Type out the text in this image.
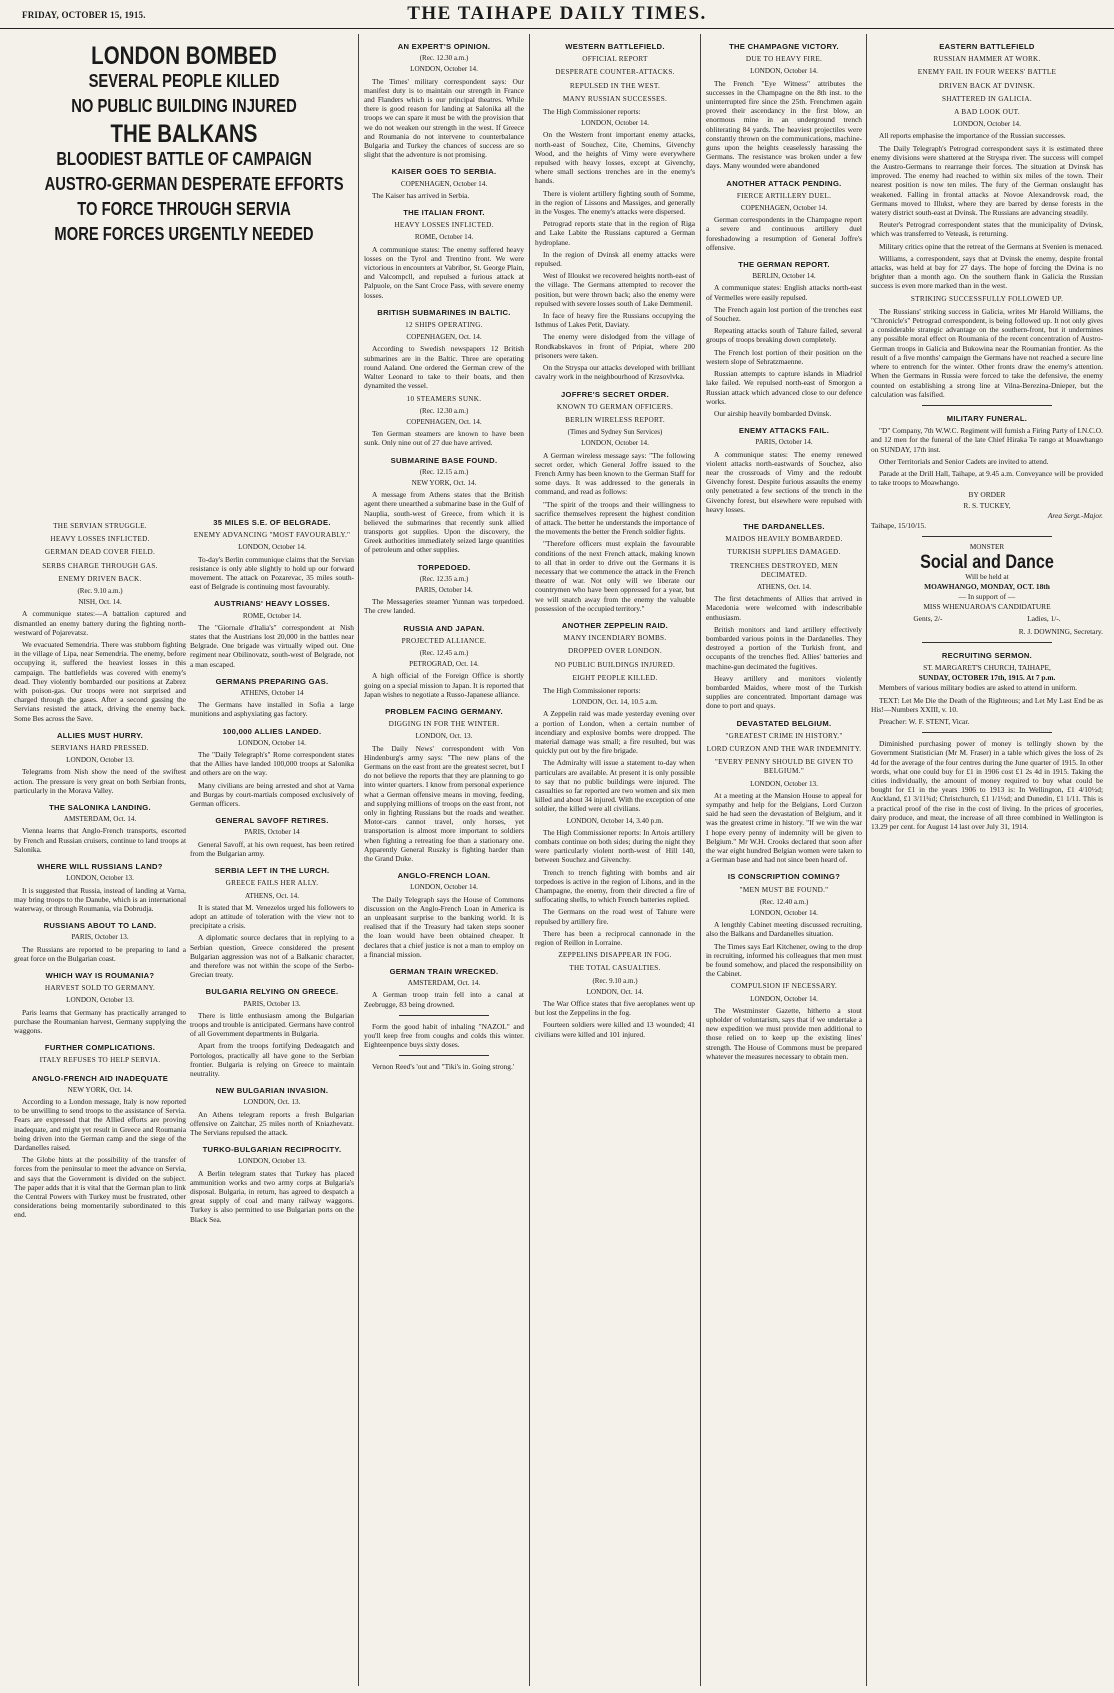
FRIDAY, OCTOBER 15, 1915.	THE TAIHAPE DAILY TIMES.
LONDON BOMBED
SEVERAL PEOPLE KILLED
NO PUBLIC BUILDING INJURED
THE BALKANS
BLOODIEST BATTLE OF CAMPAIGN
AUSTRO-GERMAN DESPERATE EFFORTS
TO FORCE THROUGH SERVIA
MORE FORCES URGENTLY NEEDED
THE SERVIAN STRUGGLE.
HEAVY LOSSES INFLICTED.
GERMAN DEAD COVER FIELD.
SERBS CHARGE THROUGH GAS.
ENEMY DRIVEN BACK.
(Rec. 9.10 a.m.)
NISH, Oct. 14.

A communique states:—A battalion captured and dismantled an enemy battery during the fighting north-westward of Pojarevatsz.

We evacuated Semendria. There was stubborn fighting in the village of Lipa, near Semendria. The enemy, before occupying it, suffered the heaviest losses in this campaign. The battlefields was covered with enemy's dead. They violently bombarded our positions at Zabrez with poison-gas. Our troops were not surprised and charged through the gases. After a second gassing the Servians resisted the attack, driving the enemy back. Some Bes across the Save.

ALLIES MUST HURRY.
SERVIANS HARD PRESSED.
LONDON, October 13.

Telegrams from Nish show the need of the swiftest action. The pressure is very great on both Serbian fronts, particularly in the Morava Valley.

THE SALONIKA LANDING.
AMSTERDAM, Oct. 14.

Vienna learns that Anglo-French transports, escorted by French and Russian cruisers, continue to land troops at Salonika.

WHERE WILL RUSSIANS LAND?
LONDON, October 13.

It is suggested that Russia, instead of landing at Varna, may bring troops to the Danube, which is an international waterway, or through Roumania, via Dobrudja.

RUSSIANS ABOUT TO LAND.
PARIS, October 13.

The Russians are reported to be preparing to land a great force on the Bulgarian coast.

WHICH WAY IS ROUMANIA?
HARVEST SOLD TO GERMANY.
LONDON, October 13.

Paris learns that Germany has practically arranged to purchase the Roumanian harvest, Germany supplying the waggons.

FURTHER COMPLICATIONS.
ITALY REFUSES TO HELP SERVIA.
ANGLO-FRENCH AID INADEQUATE
NEW YORK, Oct. 14.

According to a London message, Italy is now reported to be unwilling to send troops to the assistance of Servia. Fears are expressed that the Allied efforts are proving inadequate, and might yet result in Greece and Roumania being driven into the German camp and the siege of the Dardanelles raised.

The Globe hints at the possibility of the transfer of forces from the peninsular to meet the advance on Servia, and says that the Government is divided on the subject. The paper adds that it is vital that the German plan to link the Central Powers with Turkey must be frustrated, other considerations being momentarily subordinated to this end.

35 MILES S.E. OF BELGRADE.
ENEMY ADVANCING "MOST FAVOURABLY."
LONDON, October 14.

To-day's Berlin communique claims that the Servian resistance is only able slightly to hold up our forward movement. The attack on Pozarevac, 35 miles south-east of Belgrade is continuing most favourably.

AUSTRIANS' HEAVY LOSSES.
ROME, October 14.

The "Giornale d'Italia's" correspondent at Nish states that the Austrians lost 20,000 in the battles near Belgrade. One brigade was virtually wiped out. One regiment near Obilinovatz, south-west of Belgrade, not a man escaped.

GERMANS PREPARING GAS.
ATHENS, October 14

The Germans have installed in Sofia a large munitions and asphyxiating gas factory.

100,000 ALLIES LANDED.
LONDON, October 14.

The "Daily Telegraph's" Rome correspondent states that the Allies have landed 100,000 troops at Salonika and others are on the way.

Many civilians are being arrested and shot at Varna and Burgas by court-martials composed exclusively of German officers.

GENERAL SAVOFF RETIRES.
PARIS, October 14

General Savoff, at his own request, has been retired from the Bulgarian army.

SERBIA LEFT IN THE LURCH.
GREECE FAILS HER ALLY.
ATHENS, Oct. 14.

It is stated that M. Venezelos urged his followers to adopt an attitude of toleration with the view not to precipitate a crisis.

A diplomatic source declares that in replying to a Serbian question, Greece considered the present Bulgarian aggression was not of a Balkanic character, and therefore was not within the scope of the Serbo-Grecian treaty.

BULGARIA RELYING ON GREECE.
PARIS, October 13.

There is little enthusiasm among the Bulgarian troops and trouble is anticipated. Germans have control of all Government departments in Bulgaria.

Apart from the troops fortifying Dedeagatch and Portologos, practically all have gone to the Serbian frontier. Bulgaria is relying on Greece to maintain neutrality.

NEW BULGARIAN INVASION.
LONDON, Oct. 13.

An Athens telegram reports a fresh Bulgarian offensive on Zaitchar, 25 miles north of Kniazhevatz. The Servians repulsed the attack.

TURKO-BULGARIAN RECIPROCITY.
LONDON, October 13.

A Berlin telegram states that Turkey has placed ammunition works and two army corps at Bulgaria's disposal. Bulgaria, in return, has agreed to despatch a great supply of coal and many railway waggons. Turkey is also permitted to use Bulgarian ports on the Black Sea.

AN EXPERT'S OPINION.
(Rec. 12.30 a.m.)
LONDON, October 14.

The Times' military correspondent says: Our manifest duty is to maintain our strength in France and Flanders which is our principal theatres. While there is good reason for landing at Salonika all the troops we can spare it must be with the provision that we do not weaken our strength in the west. If Greece and Roumania do not intervene to counterbalance Bulgaria and Turkey the chances of success are so slight that the adventure is not promising.

KAISER GOES TO SERBIA.
COPENHAGEN, October 14.

The Kaiser has arrived in Serbia.

THE ITALIAN FRONT.
HEAVY LOSSES INFLICTED.
ROME, October 14.

A communique states: The enemy suffered heavy losses on the Tyrol and Trentino front. We were victorious in encounters at Vabribor, St. George Plain, and Valcompcll, and repulsed a furious attack at Palpuole, on the Sant Croce Pass, with severe enemy losses.

BRITISH SUBMARINES IN BALTIC.
12 SHIPS OPERATING.
COPENHAGEN, Oct. 14.

According to Swedish newspapers 12 British submarines are in the Baltic. Three are operating round Aaland. One ordered the German crew of the Walter Leonard to take to their boats, and then dynamited the vessel.

10 STEAMERS SUNK.
(Rec. 12.30 a.m.)
COPENHAGEN, Oct. 14.

Ten German steamers are known to have been sunk. Only nine out of 27 due have arrived.

SUBMARINE BASE FOUND.
(Rec. 12.15 a.m.)
NEW YORK, Oct. 14.

A message from Athens states that the British agent there unearthed a submarine base in the Gulf of Nauplia, south-west of Greece, from which it is believed the submarines that recently sunk allied transports got supplies. Upon the discovery, the Greek authorities immediately seized large quantities of petroleum and other supplies.

TORPEDOED.
(Rec. 12.35 a.m.)
PARIS, October 14.

The Messageries steamer Yunnan was torpedoed. The crew landed.

RUSSIA AND JAPAN.
PROJECTED ALLIANCE.
(Rec. 12.45 a.m.)
PETROGRAD, Oct. 14.

A high official of the Foreign Office is shortly going on a special mission to Japan. It is reported that Japan wishes to negotiate a Russo-Japanese alliance.

PROBLEM FACING GERMANY.
DIGGING IN FOR THE WINTER.
LONDON, Oct. 13.

The Daily News' correspondent with Von Hindenburg's army says: "The new plans of the Germans on the east front are the greatest secret, but I do not believe the reports that they are planning to go into winter quarters. I know from personal experience what a German offensive means in moving, feeding, and supplying millions of troops on the east front, not only in fighting Russians but the roads and weather. Motor-cars cannot travel, only horses, yet transportation is almost more important to soldiers when fighting a retreating foe than a stationary one. Apparently General Ruszky is fighting harder than the Grand Duke.

ANGLO-FRENCH LOAN.
LONDON, October 14.

The Daily Telegraph says the House of Commons discussion on the Anglo-French Loan in America is an unpleasant surprise to the banking world. It is realised that if the Treasury had taken steps sooner the loan would have been obtained cheaper. It declares that a chief justice is not a man to employ on a financial mission.

GERMAN TRAIN WRECKED.
AMSTERDAM, Oct. 14.

A German troop train fell into a canal at Zeebrugge, 83 being drowned.

Form the good habit of inhaling "NAZOL" and you'll keep free from coughs and colds this winter. Eighteenpence buys sixty doses.

Vernon Reed's 'out and "Tiki's in. Going strong.'

WESTERN BATTLEFIELD.
OFFICIAL REPORT
DESPERATE COUNTER-ATTACKS.
REPULSED IN THE WEST.
MANY RUSSIAN SUCCESSES.

The High Commissioner reports:

LONDON, October 14.

On the Western front important enemy attacks, north-east of Souchez, Cite, Chemins, Givenchy Wood, and the heights of Vimy were everywhere repulsed with heavy losses, except at Givenchy, where small sections trenches are in the enemy's hands.

There is violent artillery fighting south of Somme, in the region of Lissons and Massiges, and generally in the Vosges. The enemy's attacks were dispersed.

Petrograd reports state that in the region of Riga and Lake Labite the Russians captured a German hydroplane.

In the region of Dvinsk all enemy attacks were repulsed.

West of Illoukst we recovered heights north-east of the village. The Germans attempted to recover the position, but were thrown back; also the enemy were repulsed with severe losses south of Lake Demmenil.

In face of heavy fire the Russians occupying the Isthmus of Lakes Petit, Daviaty.

The enemy were dislodged from the village of Rondkabskavos in front of Pripiat, where 200 prisoners were taken.

On the Stryspa our attacks developed with brilliant cavalry work in the neighbourhood of Krzsovlvka.

JOFFRE'S SECRET ORDER.
KNOWN TO GERMAN OFFICERS.
BERLIN WIRELESS REPORT.
(Times and Sydney Sun Services)
LONDON, October 14.

A German wireless message says: "The following secret order, which General Joffre issued to the French Army has been known to the German Staff for some days. It was addressed to the generals in command, and read as follows:

"The spirit of the troops and their willingness to sacrifice themselves represent the highest condition of attack. The better he understands the importance of the movements the better the French soldier fights.

"Therefore officers must explain the favourable conditions of the next French attack, making known to all that in order to drive out the Germans it is necessary that we commence the attack in the French theatre of war. Not only will we liberate our countrymen who have been oppressed for a year, but we will snatch away from the enemy the valuable possession of the occupied territory."

ANOTHER ZEPPELIN RAID.
MANY INCENDIARY BOMBS.
DROPPED OVER LONDON.
NO PUBLIC BUILDINGS INJURED.
EIGHT PEOPLE KILLED.

The High Commissioner reports:

LONDON, Oct. 14, 10.5 a.m.

A Zeppelin raid was made yesterday evening over a portion of London, when a certain number of incendiary and explosive bombs were dropped. The material damage was small; a fire resulted, but was quickly put out by the fire brigade.

The Admiralty will issue a statement to-day when particulars are available. At present it is only possible to say that no public buildings were injured. The casualties so far reported are two women and six men killed and about 34 injured. With the exception of one soldier, the killed were all civilians.

LONDON, October 14, 3.40 p.m.

The High Commissioner reports: In Artois artillery combats continue on both sides; during the night they were particularly violent north-west of Hill 140, between Souchez and Givenchy.

Trench to trench fighting with bombs and air torpedoes is active in the region of Lihons, and in the Champagne, the enemy, from their directed a fire of suffocating shells, to which French batteries replied.

The Germans on the road west of Tahure were repulsed by artillery fire.

There has been a reciprocal cannonade in the region of Reillon in Lorraine.

ZEPPELINS DISAPPEAR IN FOG.
THE TOTAL CASUALTIES.
(Rec. 9.10 a.m.)
LONDON, Oct. 14.

The War Office states that five aeroplanes went up but lost the Zeppelins in the fog.

Fourteen soldiers were killed and 13 wounded; 41 civilians were killed and 101 injured.

THE CHAMPAGNE VICTORY.
DUE TO HEAVY FIRE.
LONDON, October 14.

The French "Eye Witness" attributes the successes in the Champagne on the 8th inst. to the uninterrupted fire since the 25th. Frenchmen again proved their ascendancy in the first blow, an enormous mine in an underground trench obliterating 84 yards. The heaviest projectiles were constantly thrown on the communications, machine-guns upon the heights ceaselessly harassing the Germans. The resistance was broken under a few days. Many wounded were abandoned

ANOTHER ATTACK PENDING.
FIERCE ARTILLERY DUEL.
COPENHAGEN, October 14.

German correspondents in the Champagne report a severe and continuous artillery duel foreshadowing a resumption of General Joffre's offensive.

THE GERMAN REPORT.
BERLIN, October 14.

A communique states: English attacks north-east of Vermelles were easily repulsed.

The French again lost portion of the trenches east of Souchez.

Repeating attacks south of Tahure failed, several groups of troops breaking down completely.

The French lost portion of their position on the western slope of Sehratzmaenne.

Russian attempts to capture islands in Miadriol lake failed. We repulsed north-east of Smorgon a Russian attack which advanced close to our defence works.

Our airship heavily bombarded Dvinsk.

ENEMY ATTACKS FAIL.
PARIS, October 14.

A communique states: The enemy renewed violent attacks north-eastwards of Souchez, also near the crossroads of Vimy and the redoubt Givenchy forest. Despite furious assaults the enemy only penetrated a few sections of the trench in the Givenchy forest, but elsewhere were repulsed with heavy losses.

THE DARDANELLES.
MAIDOS HEAVILY BOMBARDED.
TURKISH SUPPLIES DAMAGED.
TRENCHES DESTROYED, MEN DECIMATED.
ATHENS, Oct. 14.

The first detachments of Allies that arrived in Macedonia were welcomed with indescribable enthusiasm.

British monitors and land artillery effectively bombarded various points in the Dardanelles. They destroyed a portion of the Turkish front, and occupants of the trenches fled. Allies' batteries and machine-gun decimated the fugitives.

Heavy artillery and monitors violently bombarded Maidos, where most of the Turkish supplies are concentrated. Important damage was done to port and quays.

DEVASTATED BELGIUM.
"GREATEST CRIME IN HISTORY."
LORD CURZON AND THE WAR INDEMNITY.
"EVERY PENNY SHOULD BE GIVEN TO BELGIUM."
LONDON, October 13.

At a meeting at the Mansion House to appeal for sympathy and help for the Belgians, Lord Curzon said he had seen the devastation of Belgium, and it was the greatest crime in history. "If we win the war I hope every penny of indemnity will be given to Belgium." Mr W.H. Crooks declared that soon after the war eight hundred Belgian women were taken to a German base and had not since been heard of.

IS CONSCRIPTION COMING?
"MEN MUST BE FOUND."
(Rec. 12.40 a.m.)
LONDON, October 14.

A lengthly Cabinet meeting discussed recruiting, also the Balkans and Dardanelles situation.

The Times says Earl Kitchener, owing to the drop in recruiting, informed his colleagues that men must be found somehow, and placed the responsibility on the Cabinet.

COMPULSION IF NECESSARY.
LONDON, October 14.

The Westminster Gazette, hitherto a stout upholder of voluntarism, says that if we undertake a new expedition we must provide men additional to those relied on to keep up the existing lines' strength. The House of Commons must be prepared whatever the measures necessary to obtain men.

EASTERN BATTLEFIELD
RUSSIAN HAMMER AT WORK.
ENEMY FAIL IN FOUR WEEKS' BATTLE
DRIVEN BACK AT DVINSK.
SHATTERED IN GALICIA.
A BAD LOOK OUT.
LONDON, October 14.

All reports emphasise the importance of the Russian successes.

The Daily Telegraph's Petrograd correspondent says it is estimated three enemy divisions were shattered at the Stryspa river. The success will compel the Austro-Germans to rearrange their forces. The situation at Dvinsk has improved. The enemy had reached to within six miles of the town. Their nearest position is now ten miles. The fury of the German onslaught has weakened. Falling in frontal attacks at Novoe Alexandrovsk road, the Germans moved to Illukst, where they are barred by dense forests in the watery district south-east at Dvinsk. The Russians are advancing steadily.

Reuter's Petrograd correspondent states that the municipality of Dvinsk, which was transferred to Veteask, is returning.

Military critics opine that the retreat of the Germans at Svenien is menaced.

Williams, a correspondent, says that at Dvinsk the enemy, despite frontal attacks, was held at bay for 27 days. The hope of forcing the Dvina is no brighter than a month ago. On the southern flank in Galicia the Russian success is even more marked than in the west.

STRIKING SUCCESSFULLY FOLLOWED UP.

The Russians' striking success in Galicia, writes Mr Harold Williams, the "Chronicle's" Petrograd correspondent, is being followed up. It not only gives a considerable strategic advantage on the southern-front, but it undermines any possible moral effect on Roumania of the recent concentration of Austro-German troops in Galicia and Bukowina near the Roumanian frontier. As the result of a five months' campaign the Germans have not reached a secure line where to entrench for the winter. Other fronts draw the enemy's attention. When the Germans in Russia were forced to take the defensive, the enemy counted on establishing a strong line at Vilna-Berezina-Dnieper, but the calculation was falsified.

MILITARY FUNERAL.

"D" Company, 7th W.W.C. Regiment will furnish a Firing Party of I.N.C.O. and 12 men for the funeral of the late Chief Hiraka Te rango at Moawhango on SUNDAY, 17th inst.

Other Territorials and Senior Cadets are invited to attend.

Parade at the Drill Hall, Taihape, at 9.45 a.m. Conveyance will be provided to take troops to Moawhango.

BY ORDER
R. S. TUCKEY,
Area Sergt.-Major.
Taihape, 15/10/15.
MONSTER
Social and Dance
Will be held at
MOAWHANGO, MONDAY, OCT. 18th
— In support of —
MISS WHENUAROA'S CANDIDATURE
Gents, 2/-	Ladies, 1/-.
R. J. DOWNING, Secretary.
RECRUITING SERMON.
ST. MARGARET'S CHURCH, TAIHAPE,
SUNDAY, OCTOBER 17th, 1915. At 7 p.m.

Members of various military bodies are asked to attend in uniform.

TEXT: Let Me Die the Death of the Righteous; and Let My Last End be as His!—Numbers XXIII, v. 10.

Preacher: W. F. STENT, Vicar.

Diminished purchasing power of money is tellingly shown by the Government Statistician (Mr M. Fraser) in a table which gives the loss of 2s 4d for the average of the four centres during the June quarter of 1915. In other words, what one could buy for £1 in 1906 cost £1 2s 4d in 1915. Taking the cities individually, the amount of money required to buy what could be bought for £1 in the years 1906 to 1913 is: In Wellington, £1 4/10½d; Auckland, £1 3/11¾d; Christchurch, £1 1/1½d; and Dunedin, £1 1/11. This is a practical proof of the rise in the cost of living. In the prices of groceries, dairy produce, and meat, the increase of all three combined in Wellington is 13.29 per cent. for August 14 last over July 31, 1914.
